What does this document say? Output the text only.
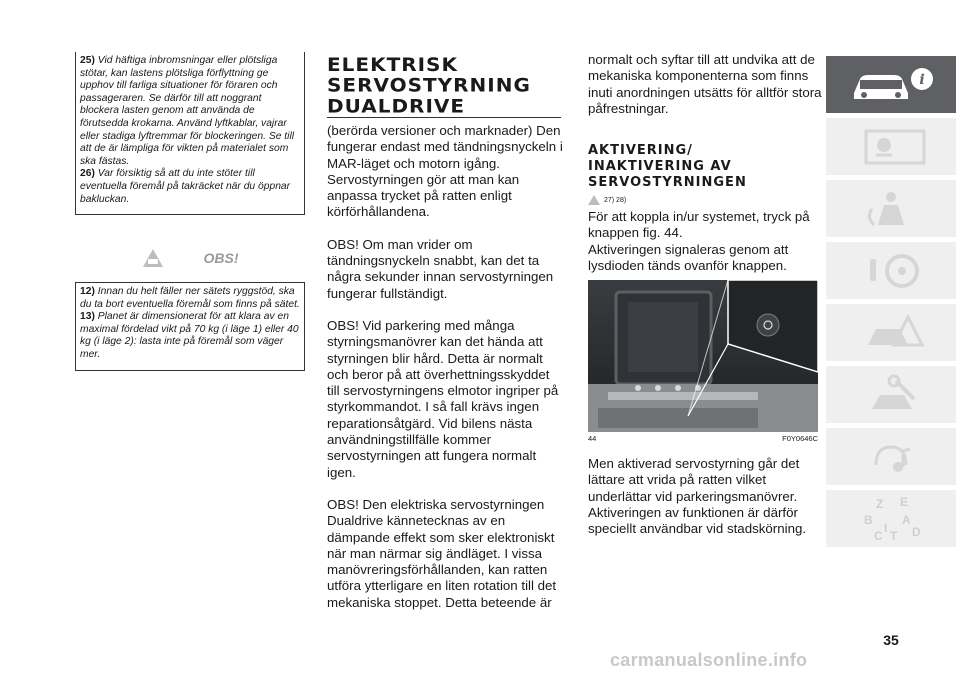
25) Vid häftiga inbromsningar eller plötsliga stötar, kan lastens plötsliga förflyttning ge upphov till farliga situationer för föraren och passageraren. Se därför till att noggrant blockera lasten genom att använda de förutsedda krokarna. Använd lyftkablar, vajrar eller stadiga lyftremmar för blockeringen. Se till att de är lämpliga för vikten på materialet som ska fästas.

26) Var försiktig så att du inte stöter till eventuella föremål på takräcket när du öppnar bakluckan.

OBS!

12) Innan du helt fäller ner sätets ryggstöd, ska du ta bort eventuella föremål som finns på sätet.

13) Planet är dimensionerat för att klara av en maximal fördelad vikt på 70 kg (i läge 1) eller 40 kg (i läge 2): lasta inte på föremål som väger mer.

ELEKTRISK
SERVOSTYRNING
DUALDRIVE

(berörda versioner och marknader) Den fungerar endast med tändningsnyckeln i MAR-läget och motorn igång. Servostyrningen gör att man kan anpassa trycket på ratten enligt körförhållandena.

OBS! Om man vrider om tändningsnyckeln snabbt, kan det ta några sekunder innan servostyrningen fungerar fullständigt.

OBS! Vid parkering med många styrningsmanövrer kan det hända att styrningen blir hård. Detta är normalt och beror på att överhettningsskyddet till servostyrningens elmotor ingriper på styrkommandot. I så fall krävs ingen reparationsåtgärd. Vid bilens nästa användningstillfälle kommer servostyrningen att fungera normalt igen.

OBS! Den elektriska servostyrningen Dualdrive kännetecknas av en dämpande effekt som sker elektroniskt när man närmar sig ändläget. I vissa manövreringsförhållanden, kan ratten utföra ytterligare en liten rotation till det mekaniska stoppet. Detta beteende är

normalt och syftar till att undvika att de mekaniska komponenterna som finns inuti anordningen utsätts för alltför stora påfrestningar.

AKTIVERING/
INAKTIVERING AV
SERVOSTYRNINGEN
27) 28)

För att koppla in/ur systemet, tryck på knappen fig. 44.

Aktiveringen signaleras genom att lysdioden tänds ovanför knappen.

44	F0Y0646C

Men aktiverad servostyrning går det lättare att vrida på ratten vilket underlättar vid parkeringsmanövrer. Aktiveringen av funktionen är därför speciellt användbar vid stadskörning.

i
Z E
B A
C T D
I
35
carmanualsonline.info
